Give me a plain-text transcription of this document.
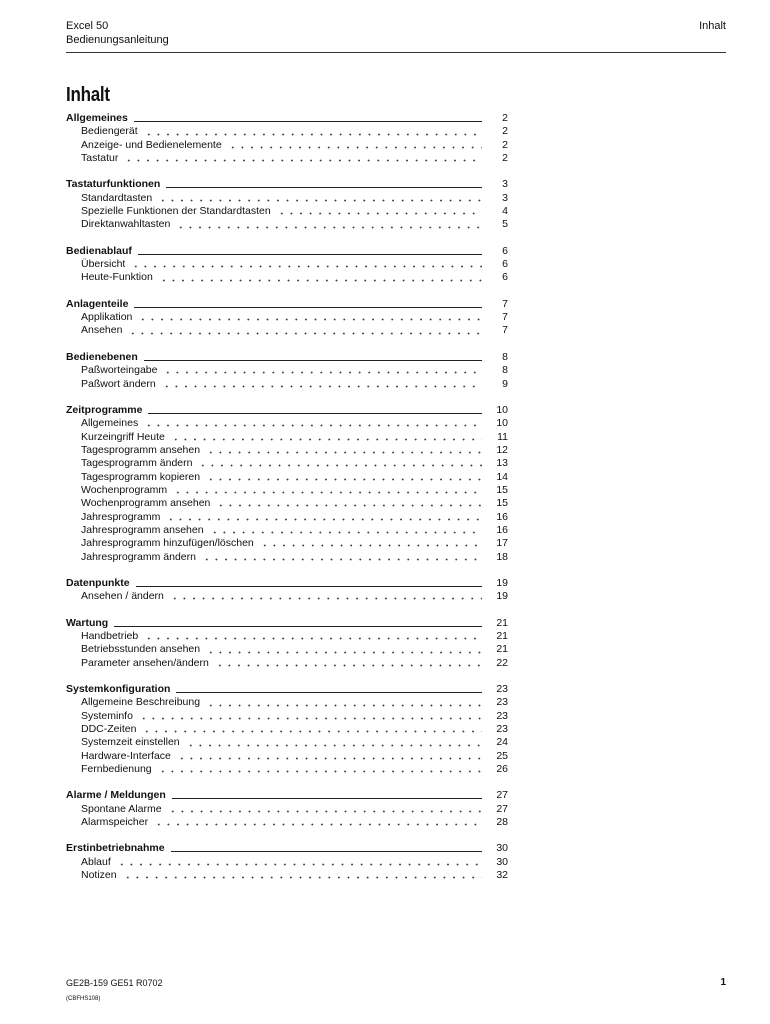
Excel 50
Bedienungsanleitung
Inhalt
Inhalt
Allgemeines	2
Bediengerät	2
Anzeige- und Bedienelemente	2
Tastatur	2
Tastaturfunktionen	3
Standardtasten	3
Spezielle Funktionen der Standardtasten	4
Direktanwahltasten	5
Bedienablauf	6
Übersicht	6
Heute-Funktion	6
Anlagenteile	7
Applikation	7
Ansehen	7
Bedienebenen	8
Paßworteingabe	8
Paßwort ändern	9
Zeitprogramme	10
Allgemeines	10
Kurzeingriff Heute	11
Tagesprogramm ansehen	12
Tagesprogramm ändern	13
Tagesprogramm kopieren	14
Wochenprogramm	15
Wochenprogramm ansehen	15
Jahresprogramm	16
Jahresprogramm ansehen	16
Jahresprogramm hinzufügen/löschen	17
Jahresprogramm ändern	18
Datenpunkte	19
Ansehen / ändern	19
Wartung	21
Handbetrieb	21
Betriebsstunden ansehen	21
Parameter ansehen/ändern	22
Systemkonfiguration	23
Allgemeine Beschreibung	23
Systeminfo	23
DDC-Zeiten	23
Systemzeit einstellen	24
Hardware-Interface	25
Fernbedienung	26
Alarme / Meldungen	27
Spontane Alarme	27
Alarmspeicher	28
Erstinbetriebnahme	30
Ablauf	30
Notizen	32
GE2B-159 GE51 R0702
(CBFHS108)
1
